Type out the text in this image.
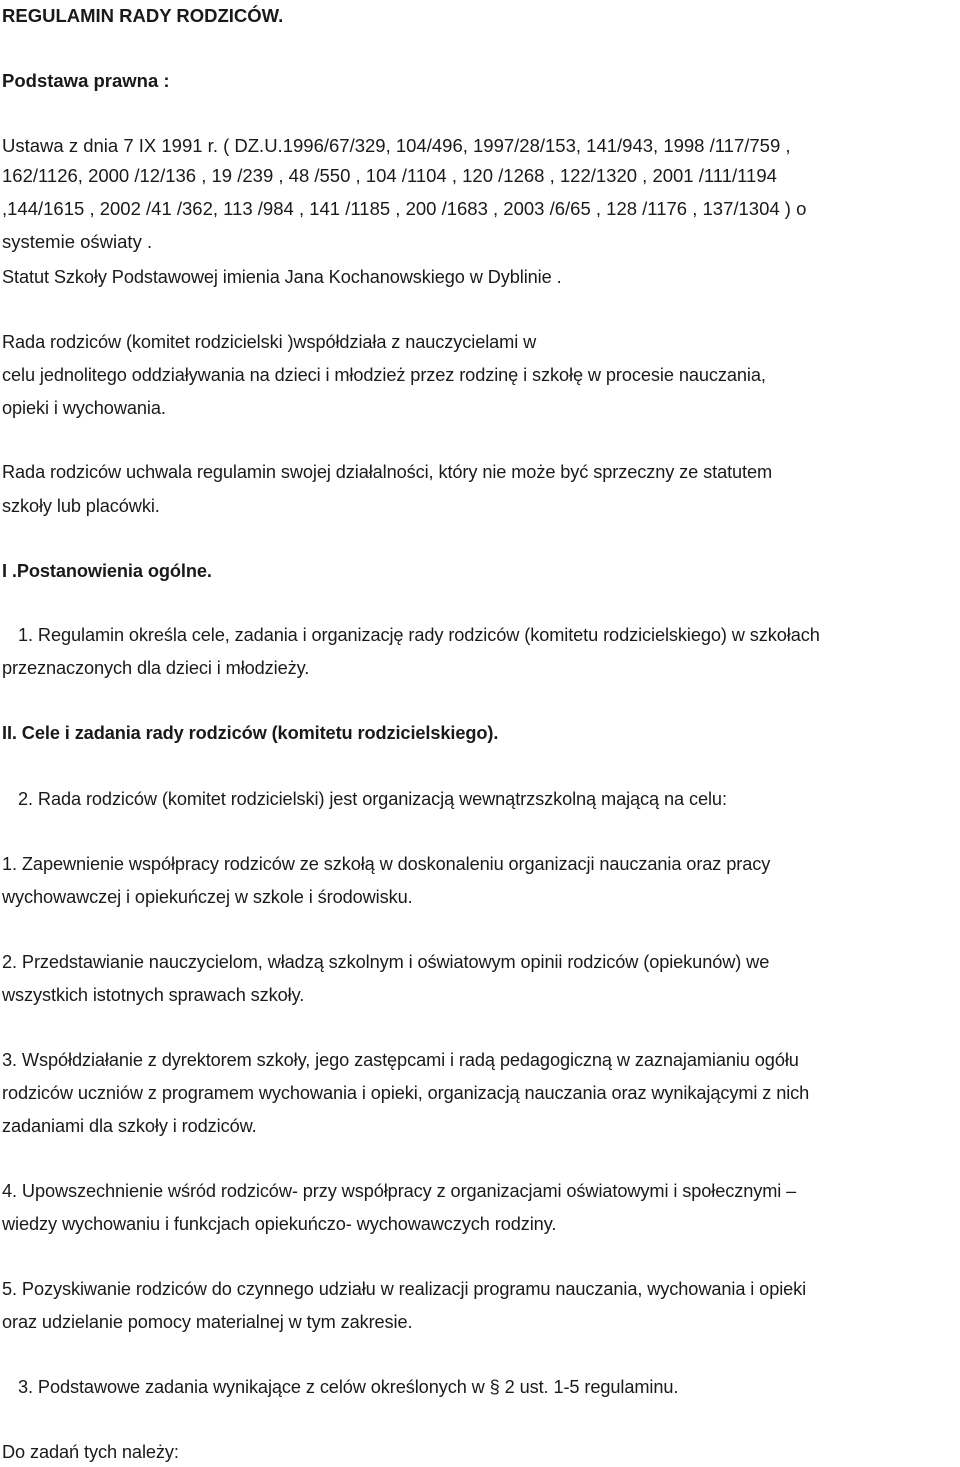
REGULAMIN RADY RODZICÓW.
Podstawa prawna :
Ustawa z dnia 7 IX 1991 r. ( DZ.U.1996/67/329, 104/496, 1997/28/153, 141/943, 1998 /117/759 ,
162/1126, 2000 /12/136 , 19 /239 , 48 /550 , 104 /1104 , 120 /1268 , 122/1320 , 2001 /111/1194
,144/1615 , 2002 /41 /362, 113 /984 , 141 /1185 , 200 /1683 , 2003 /6/65 , 128 /1176 , 137/1304 ) o
systemie oświaty .
Statut Szkoły Podstawowej imienia Jana Kochanowskiego w Dyblinie .
Rada rodziców (komitet rodzicielski )współdziała z nauczycielami w
celu jednolitego oddziaływania na dzieci i młodzież przez rodzinę i szkołę w procesie nauczania,
opieki i wychowania.
Rada rodziców uchwala regulamin swojej działalności, który nie może być sprzeczny ze statutem
szkoły lub placówki.
I .Postanowienia ogólne.
1. Regulamin określa cele, zadania i organizację rady rodziców (komitetu rodzicielskiego) w szkołach
przeznaczonych dla dzieci i młodzieży.
II. Cele i zadania rady rodziców (komitetu rodzicielskiego).
2. Rada rodziców (komitet rodzicielski) jest organizacją wewnątrzszkolną mającą na celu:
1. Zapewnienie współpracy rodziców ze szkołą w doskonaleniu organizacji nauczania oraz pracy
wychowawczej i opiekuńczej w szkole i środowisku.
2. Przedstawianie nauczycielom, władzą szkolnym i oświatowym opinii rodziców (opiekunów) we
wszystkich istotnych sprawach szkoły.
3. Współdziałanie z dyrektorem szkoły, jego zastępcami i radą pedagogiczną w zaznajamianiu ogółu
rodziców uczniów z programem wychowania i opieki, organizacją nauczania oraz wynikającymi z nich
zadaniami dla szkoły i rodziców.
4. Upowszechnienie wśród rodziców- przy współpracy z organizacjami oświatowymi i społecznymi –
wiedzy wychowaniu i funkcjach opiekuńczo- wychowawczych rodziny.
5. Pozyskiwanie rodziców do czynnego udziału w realizacji programu nauczania, wychowania i opieki
oraz udzielanie pomocy materialnej w tym zakresie.
3. Podstawowe zadania wynikające z celów określonych w § 2 ust. 1-5 regulaminu.
Do zadań tych należy:
